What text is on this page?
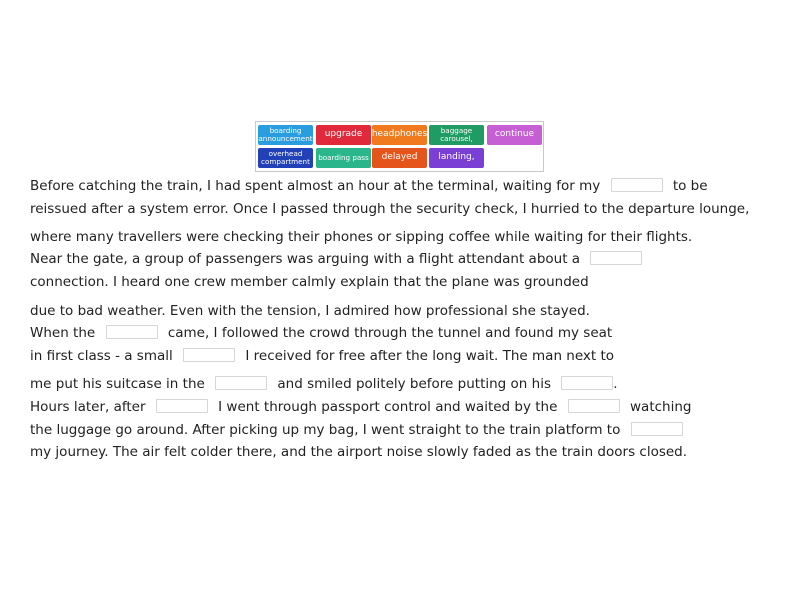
boarding announcement	upgrade	headphones	baggage carousel,	continue
overhead compartment	boarding pass	delayed	landing,
Before catching the train, I had spent almost an hour at the terminal, waiting for my	to be
reissued after a system error. Once I passed through the security check, I hurried to the departure lounge,
where many travellers were checking their phones or sipping coffee while waiting for their flights.
Near the gate, a group of passengers was arguing with a flight attendant about a
connection. I heard one crew member calmly explain that the plane was grounded
due to bad weather. Even with the tension, I admired how professional she stayed.
When the	came, I followed the crowd through the tunnel and found my seat
in first class - a small	I received for free after the long wait. The man next to
me put his suitcase in the	and smiled politely before putting on his	.
Hours later, after	I went through passport control and waited by the	watching
the luggage go around. After picking up my bag, I went straight to the train platform to
my journey. The air felt colder there, and the airport noise slowly faded as the train doors closed.
